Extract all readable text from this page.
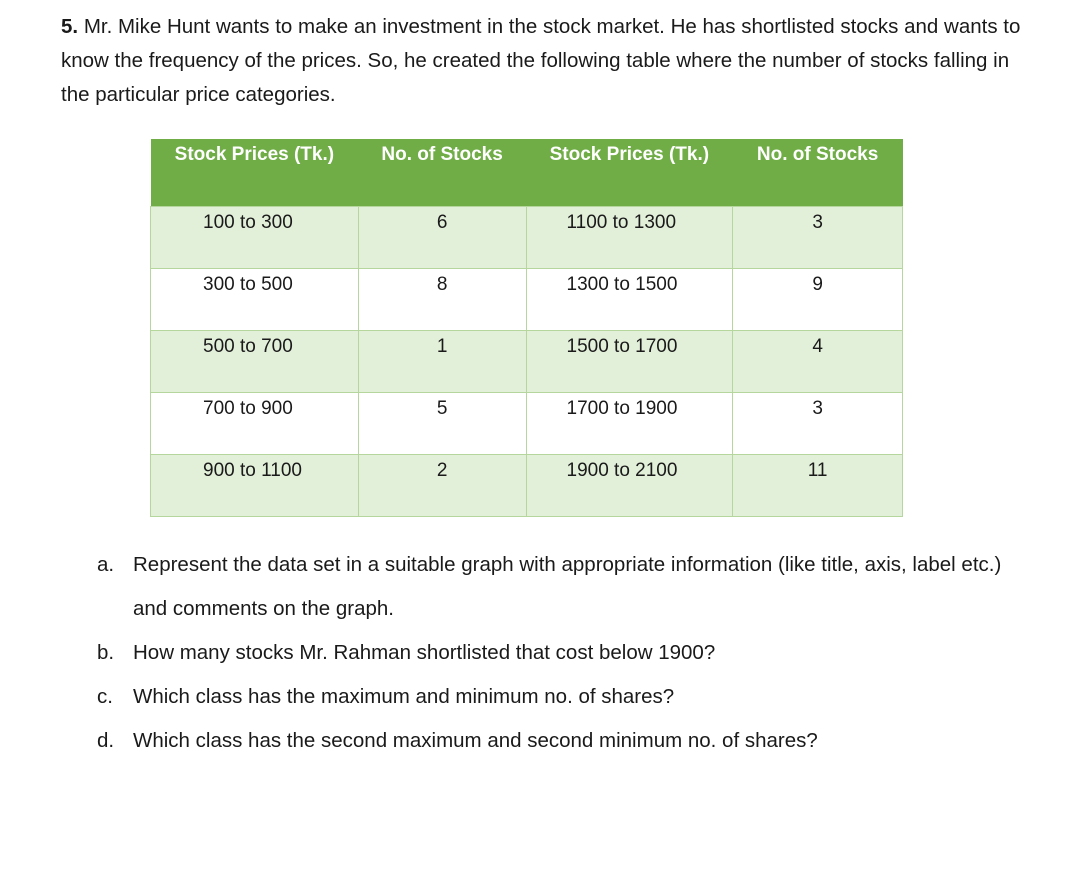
5. Mr. Mike Hunt wants to make an investment in the stock market. He has shortlisted stocks and wants to know the frequency of the prices. So, he created the following table where the number of stocks falling in the particular price categories.

Stock Prices (Tk.)	No. of Stocks	Stock Prices (Tk.)	No. of Stocks
100 to 300	6	1100 to 1300	3
300 to 500	8	1300 to 1500	9
500 to 700	1	1500 to 1700	4
700 to 900	5	1700 to 1900	3
900 to 1100	2	1900 to 2100	11
a. Represent the data set in a suitable graph with appropriate information (like title, axis, label etc.) and comments on the graph.
b. How many stocks Mr. Rahman shortlisted that cost below 1900?
c. Which class has the maximum and minimum no. of shares?
d. Which class has the second maximum and second minimum no. of shares?
